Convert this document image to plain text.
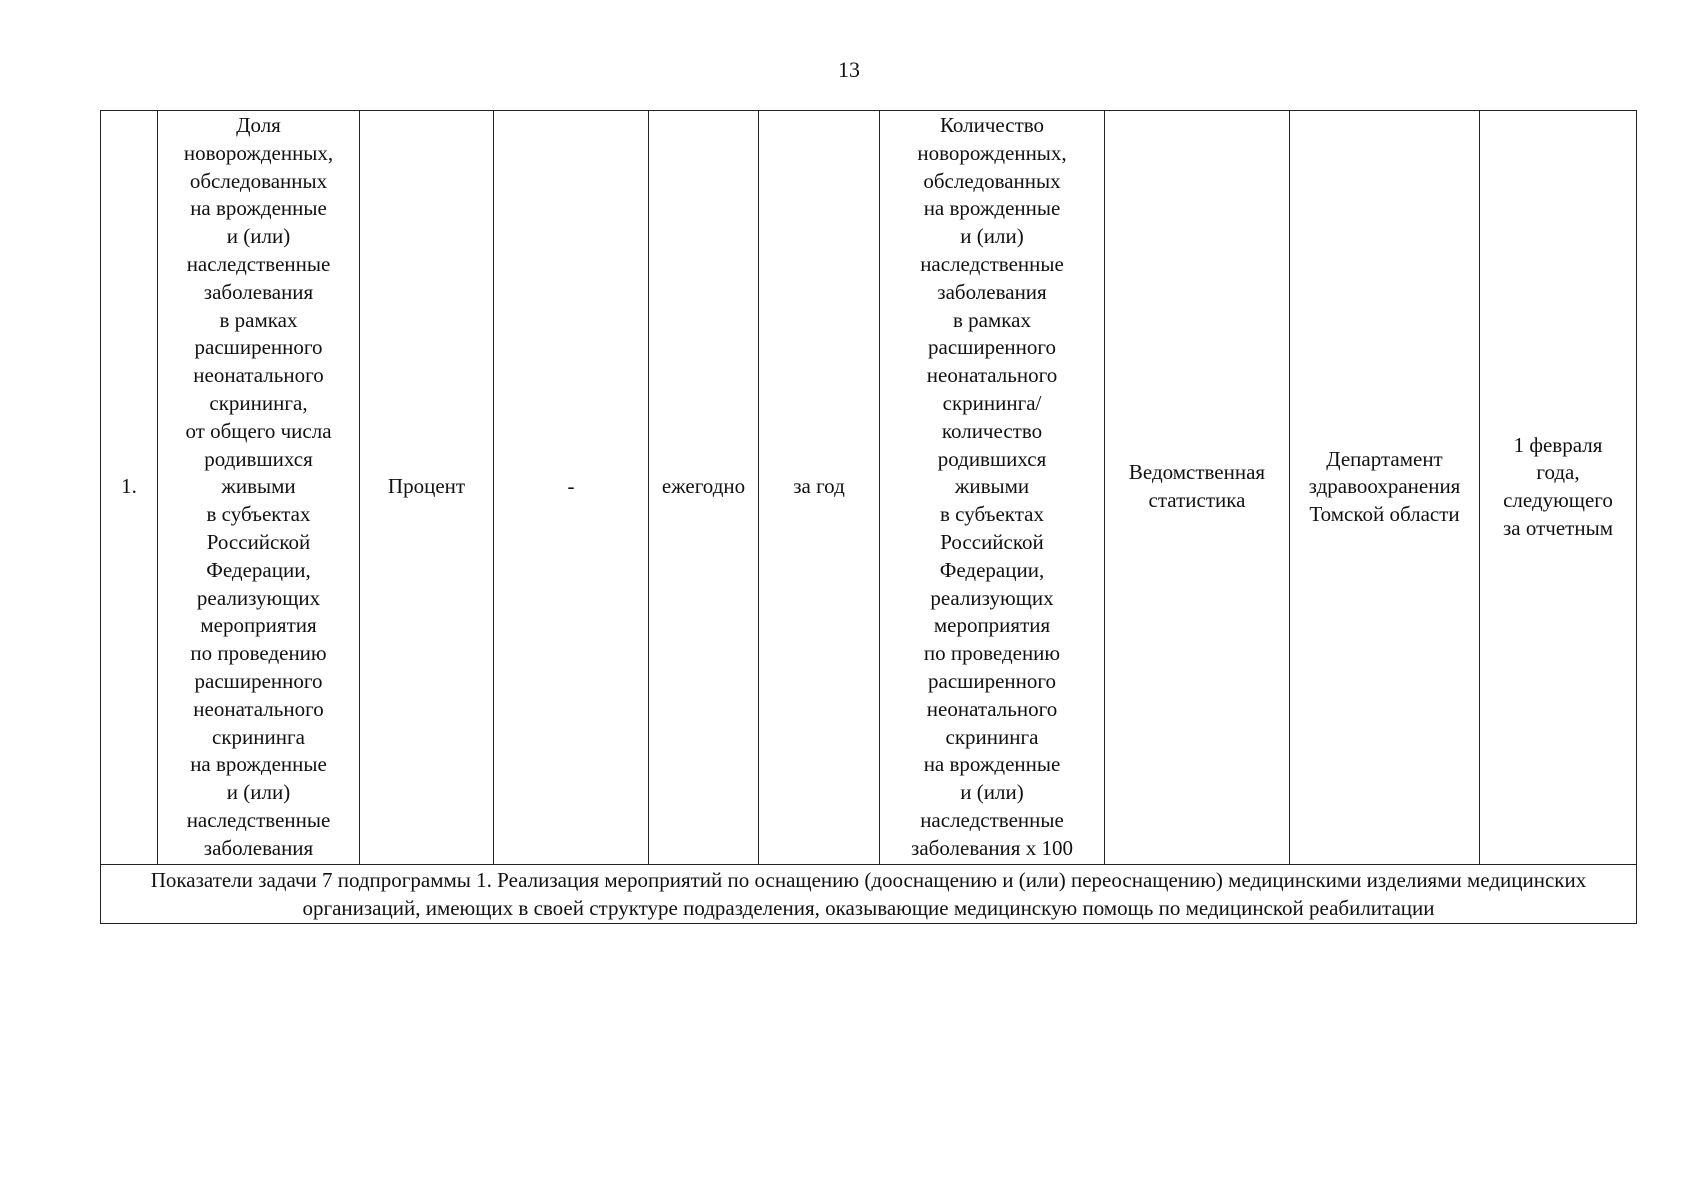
13
1.	Доля
новорожденных,
обследованных
на врожденные
и (или)
наследственные
заболевания
в рамках
расширенного
неонатального
скрининга,
от общего числа
родившихся
живыми
в субъектах
Российской
Федерации,
реализующих
мероприятия
по проведению
расширенного
неонатального
скрининга
на врожденные
и (или)
наследственные
заболевания	Процент	-	ежегодно	за год	Количество
новорожденных,
обследованных
на врожденные
и (или)
наследственные
заболевания
в рамках
расширенного
неонатального
скрининга/
количество
родившихся
живыми
в субъектах
Российской
Федерации,
реализующих
мероприятия
по проведению
расширенного
неонатального
скрининга
на врожденные
и (или)
наследственные
заболевания х 100	Ведомственная
статистика	Департамент
здравоохранения
Томской области	1 февраля
года,
следующего
за отчетным
Показатели задачи 7 подпрограммы 1. Реализация мероприятий по оснащению (дооснащению и (или) переоснащению) медицинскими изделиями медицинских организаций, имеющих в своей структуре подразделения, оказывающие медицинскую помощь по медицинской реабилитации
